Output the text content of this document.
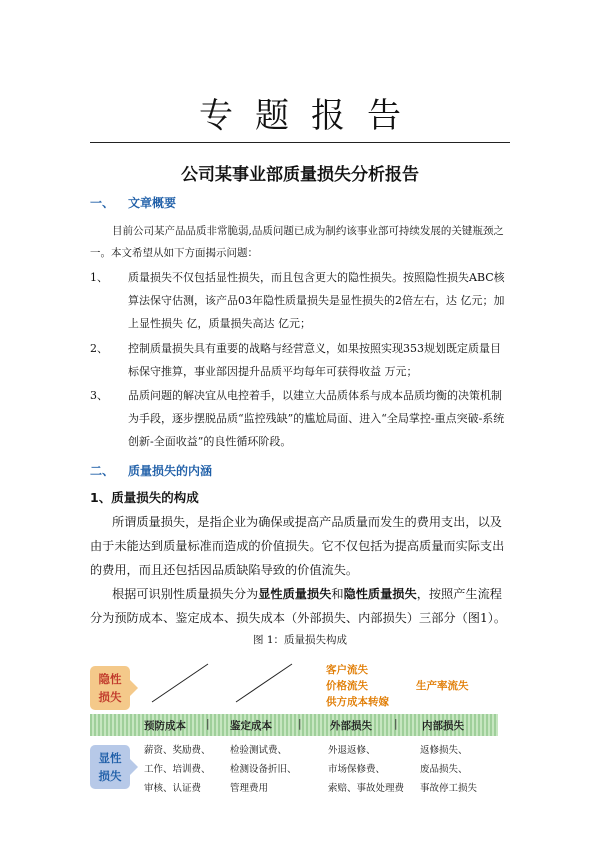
专题报告
公司某事业部质量损失分析报告
一、 文章概要
目前公司某产品品质非常脆弱,品质问题已成为制约该事业部可持续发展的关键瓶颈之一。本文希望从如下方面揭示问题：
1、 质量损失不仅包括显性损失，而且包含更大的隐性损失。按照隐性损失ABC核算法保守估测，该产品03年隐性质量损失是显性损失的2倍左右，达 亿元；加上显性损失 亿，质量损失高达 亿元；
2、 控制质量损失具有重要的战略与经营意义，如果按照实现353规划既定质量目标保守推算，事业部因提升品质平均每年可获得收益 万元；
3、 品质问题的解决宜从电控着手，以建立大品质体系与成本品质均衡的决策机制为手段，逐步摆脱品质“监控残缺”的尴尬局面、进入“全局掌控-重点突破-系统创新-全面收益”的良性循环阶段。
二、 质量损失的内涵
1、质量损失的构成
所谓质量损失，是指企业为确保或提高产品质量而发生的费用支出，以及由于未能达到质量标准而造成的价值损失。它不仅包括为提高质量而实际支出的费用，而且还包括因品质缺陷导致的价值流失。
根据可识别性质量损失分为显性质量损失和隐性质量损失，按照产生流程分为预防成本、鉴定成本、损失成本（外部损失、内部损失）三部分（图1）。
图 1：质量损失构成
隐性损失
客户流失
价格流失
供方成本转嫁
生产率流失
预防成本 | 鉴定成本 |	外部损失 | 内部损失
显性损失
薪资、奖励费、
工作、培训费、
审核、认证费
检验测试费、
检测设备折旧、
管理费用
外退返修、
市场保修费、
索赔、事故处理费
返修损失、
废品损失、
事故停工损失
